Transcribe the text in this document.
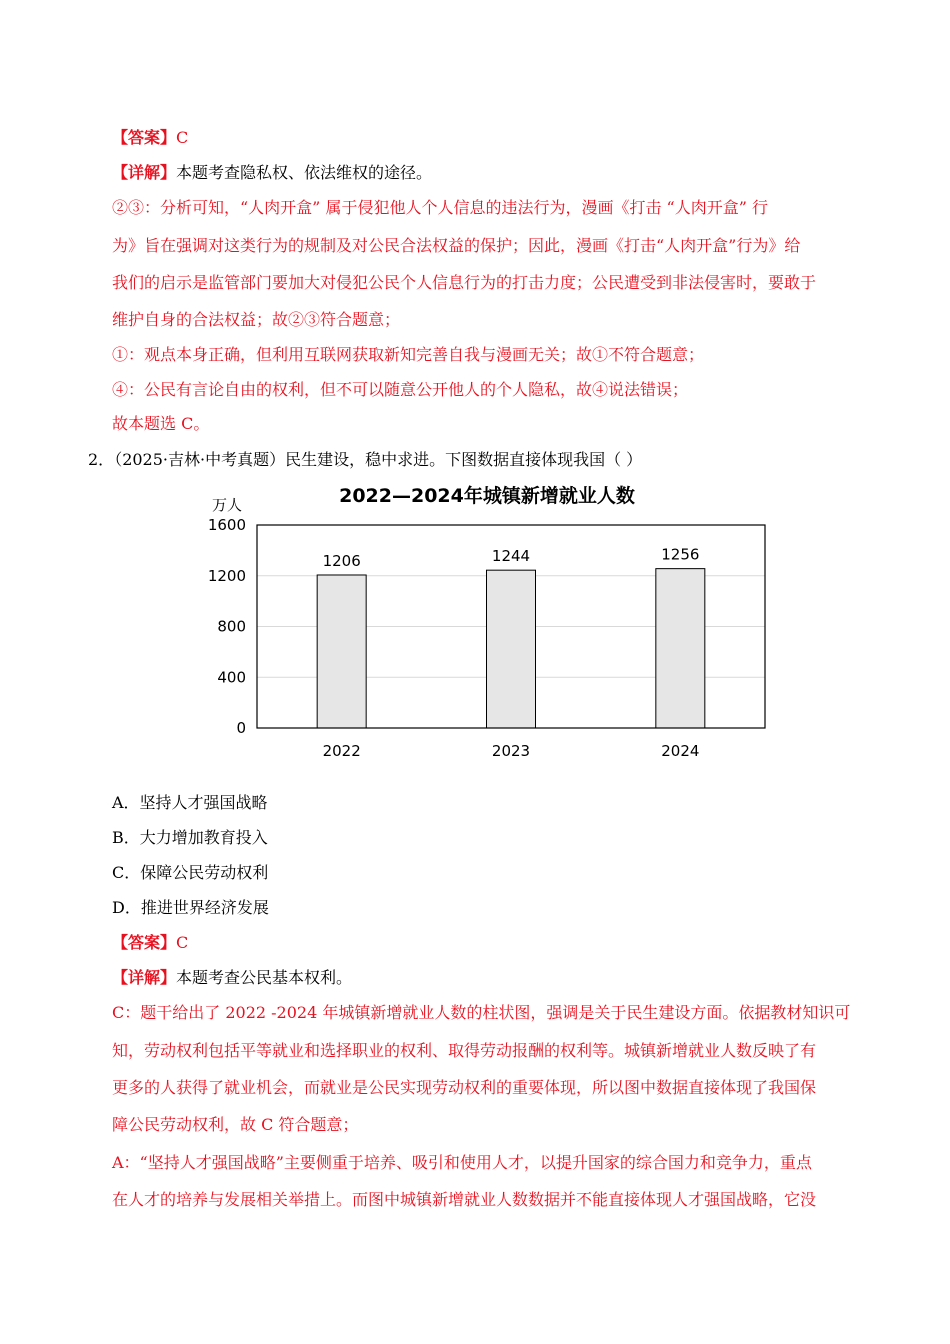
【答案】C
【详解】本题考查隐私权、依法维权的途径。
②③：分析可知，“人肉开盒” 属于侵犯他人个人信息的违法行为，漫画《打击 “人肉开盒” 行
为》旨在强调对这类行为的规制及对公民合法权益的保护；因此，漫画《打击“人肉开盒”行为》给
我们的启示是监管部门要加大对侵犯公民个人信息行为的打击力度；公民遭受到非法侵害时，要敢于
维护自身的合法权益；故②③符合题意；
①：观点本身正确，但利用互联网获取新知完善自我与漫画无关；故①不符合题意；
④：公民有言论自由的权利，但不可以随意公开他人的个人隐私，故④说法错误；
故本题选 C。
2．（2025·吉林·中考真题）民生建设，稳中求进。下图数据直接体现我国（ ）
2022—2024年城镇新增就业人数
万人
1206	1244	1256
0
400
800
1200
1600
2022	2023	2024
A．坚持人才强国战略
B．大力增加教育投入
C．保障公民劳动权利
D．推进世界经济发展
【答案】C
【详解】本题考查公民基本权利。
C：题干给出了 2022 -2024 年城镇新增就业人数的柱状图，强调是关于民生建设方面。依据教材知识可
知，劳动权利包括平等就业和选择职业的权利、取得劳动报酬的权利等。城镇新增就业人数反映了有
更多的人获得了就业机会，而就业是公民实现劳动权利的重要体现，所以图中数据直接体现了我国保
障公民劳动权利，故 C 符合题意；
A：“坚持人才强国战略”主要侧重于培养、吸引和使用人才，以提升国家的综合国力和竞争力，重点
在人才的培养与发展相关举措上。而图中城镇新增就业人数数据并不能直接体现人才强国战略，它没
